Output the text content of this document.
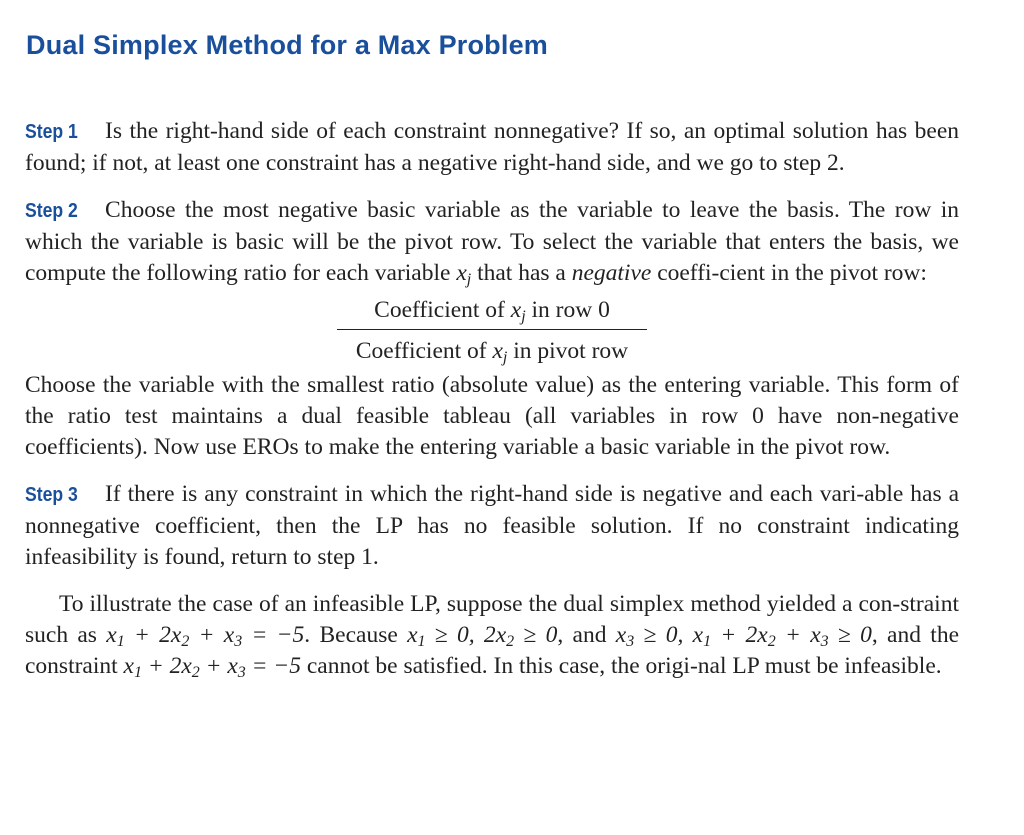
Dual Simplex Method for a Max Problem

Step 1 Is the right-hand side of each constraint nonnegative? If so, an optimal solution has been found; if not, at least one constraint has a negative right-hand side, and we go to step 2.

Step 2 Choose the most negative basic variable as the variable to leave the basis. The row in which the variable is basic will be the pivot row. To select the variable that enters the basis, we compute the following ratio for each variable $x_j$ that has a negative coeffi-cient in the pivot row:

Coefficient of $x_j$ in row 0
Coefficient of $x_j$ in pivot row

Choose the variable with the smallest ratio (absolute value) as the entering variable. This form of the ratio test maintains a dual feasible tableau (all variables in row 0 have non-negative coefficients). Now use EROs to make the entering variable a basic variable in the pivot row.

Step 3 If there is any constraint in which the right-hand side is negative and each vari-able has a nonnegative coefficient, then the LP has no feasible solution. If no constraint indicating infeasibility is found, return to step 1.

To illustrate the case of an infeasible LP, suppose the dual simplex method yielded a con-straint such as $x_1 + 2x_2 + x_3 = -5$. Because $x_1 \ge 0$, $2x_2 \ge 0$, and $x_3 \ge 0$, $x_1 + 2x_2 + x_3 \ge 0$, and the constraint $x_1 + 2x_2 + x_3 = -5$ cannot be satisfied. In this case, the origi-nal LP must be infeasible.
